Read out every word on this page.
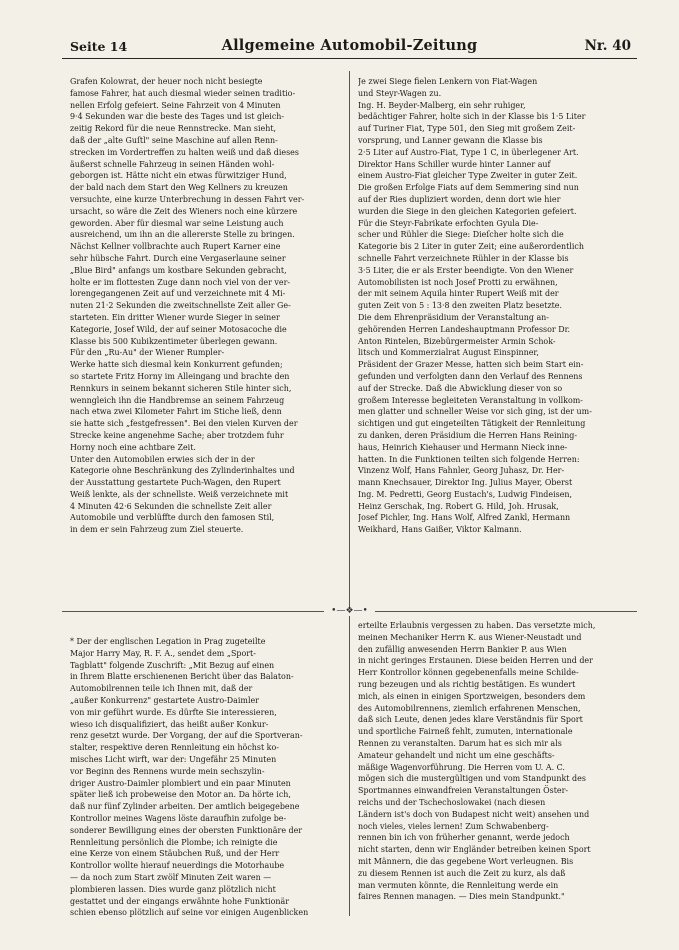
Seite 14	Allgemeine Automobil-Zeitung	Nr. 40
•—❖—•
Grafen Kolowrat, der heuer noch nicht besiegte
famose Fahrer, hat auch diesmal wieder seinen traditio-
nellen Erfolg gefeiert. Seine Fahrzeit von 4 Minuten
9·4 Sekunden war die beste des Tages und ist gleich-
zeitig Rekord für die neue Rennstrecke. Man sieht,
daß der „alte Guſtl" seine Maschine auf allen Renn-
strecken im Vordertreffen zu halten weiß und daß dieses
äußerst schnelle Fahrzeug in seinen Händen wohl-
geborgen ist. Hätte nicht ein etwas fürwitziger Hund,
der bald nach dem Start den Weg Kellners zu kreuzen
versuchte, eine kurze Unterbrechung in dessen Fahrt ver-
ursacht, so wäre die Zeit des Wieners noch eine kürzere
geworden. Aber für diesmal war seine Leistung auch
ausreichend, um ihn an die allererste Stelle zu bringen.
Nächst Kellner vollbrachte auch Rupert Karner eine
sehr hübsche Fahrt. Durch eine Vergaserlaune seiner
„Blue Bird" anfangs um kostbare Sekunden gebracht,
holte er im flottesten Zuge dann noch viel von der ver-
lorengegangenen Zeit auf und verzeichnete mit 4 Mi-
nuten 21·2 Sekunden die zweitschnellste Zeit aller Ge-
startеten. Ein dritter Wiener wurde Sieger in seiner
Kategorie, Josef Wild, der auf seiner Motosacoche die
Klasse bis 500 Kubikzentimeter überlegen gewann.
Für den „Ru-Au" der Wiener Rumpler-
Werke hatte sich diesmal kein Konkurrent gefunden;
so startete Fritz Horny im Alleingang und brachte den
Rennkurs in seinem bekannt sicheren Stile hinter sich,
wenngleich ihn die Handbremse an seinem Fahrzeug
nach etwa zwei Kilometer Fahrt im Stiche ließ, denn
sie hatte sich „festgefressen". Bei den vielen Kurven der
Strecke keine angenehme Sache; aber trotzdem fuhr
Horny noch eine achtbare Zeit.
Unter den Automobilen erwies sich der in der
Kategorie ohne Beschränkung des Zylinderinhaltes und
der Ausstattung gestartete Puch-Wagen, den Rupert
Weiß lenkte, als der schnellste. Weiß verzeichnete mit
4 Minuten 42·6 Sekunden die schnellste Zeit aller
Automobile und verblüffte durch den famosen Stil,
in dem er sein Fahrzeug zum Ziel steuerte.
Je zwei Siege fielen Lenkern von Fiat-Wagen
und Steyr-Wagen zu.
Ing. H. Beyder-Malberg, ein sehr ruhiger,
bedächtiger Fahrer, holte sich in der Klasse bis 1·5 Liter
auf Turiner Fiat, Type 501, den Sieg mit großem Zeit-
vorsprung, und Lanner gewann die Klasse bis
2·5 Liter auf Austro-Fiat, Type 1 C, in überlegener Art.
Direktor Hans Schiller wurde hinter Lanner auf
einem Austro-Fiat gleicher Type Zweiter in guter Zeit.
Die großen Erfolge Fiats auf dem Semmering sind nun
auf der Ries dupliziert worden, denn dort wie hier
wurden die Siege in den gleichen Kategorien gefeiert.
Für die Steyr-Fabrikate erfochten Gyula Die-
scher und Rühler die Siege: Dieſcher holte sich die
Kategorie bis 2 Liter in guter Zeit; eine außerordentlich
schnelle Fahrt verzeichnete Rühler in der Klasse bis
3·5 Liter, die er als Erster beendigte. Von den Wiener
Automobilisten ist noch Josef Protti zu erwähnen,
der mit seinem Aquila hinter Rupert Weiß mit der
guten Zeit von 5 : 13·8 den zweiten Platz besetzte.
Die dem Ehrenpräsidium der Veranstaltung an-
gehörenden Herren Landeshauptmann Professor Dr.
Anton Rintelen, Bizebürgermeister Armin Schok-
litsch und Kommerzialrat August Einspinner,
Präsident der Grazer Messe, hatten sich beim Start ein-
gefunden und verfolgten dann den Verlauf des Rennens
auf der Strecke. Daß die Abwicklung dieser von so
großem Interesse begleiteten Veranstaltung in vollkom-
men glatter und schneller Weise vor sich ging, ist der um-
sichtigen und gut eingeteilten Tätigkeit der Rennleitung
zu danken, deren Präsidium die Herren Hans Reining-
haus, Heinrich Kiehauser und Hermann Nieck inne-
hatten. In die Funktionen teilten sich folgende Herren:
Vinzenz Wolf, Hans Fahnler, Georg Juhasz, Dr. Her-
mann Knechsauer, Direktor Ing. Julius Mayer, Oberst
Ing. M. Pedretti, Georg Eustach's, Ludwig Findeisen,
Heinz Gerschak, Ing. Robert G. Hild, Joh. Hrusak,
Josef Pichler, Ing. Hans Wolf, Alfred Zankl, Hermann
Weikhard, Hans Gaißer, Viktor Kalmann.
* Der der englischen Legation in Prag zugeteilte
Major Harry May, R. F. A., sendet dem „Sport-
Tagblatt" folgende Zuschrift: „Mit Bezug auf einen
in Ihrem Blatte erschienenen Bericht über das Balaton-
Automobilrennen teile ich Ihnen mit, daß der
„außer Konkurrenz" gestartete Austro-Daimler
von mir geführt wurde. Es dürfte Sie interessieren,
wieso ich disqualifiziert, das heißt außer Konkur-
renz gesetzt wurde. Der Vorgang, der auf die Sportveran-
stalter, respektive deren Rennleitung ein höchst ko-
misches Licht wirft, war der: Ungefähr 25 Minuten
vor Beginn des Rennens wurde mein sechszylin-
driger Austro-Daimler plombiert und ein paar Minuten
später ließ ich probeweise den Motor an. Da hörte ich,
daß nur fünf Zylinder arbeiten. Der amtlich beigegebene
Kontrollor meines Wagens löste daraufhin zufolge be-
sonderer Bewilligung eines der obersten Funktionäre der
Rennleitung persönlich die Plombe; ich reinigte die
eine Kerze von einem Stäubchen Ruß, und der Herr
Kontrollor wollte hierauf neuerdings die Motorhaube
— da noch zum Start zwölf Minuten Zeit waren —
plombieren lassen. Dies wurde ganz plötzlich nicht
gestattet und der eingangs erwähnte hohe Funktionär
schien ebenso plötzlich auf seine vor einigen Augenblicken
erteilte Erlaubnis vergessen zu haben. Das versetzte mich,
meinen Mechaniker Herrn K. aus Wiener-Neustadt und
den zufällig anwesenden Herrn Bankier P. aus Wien
in nicht geringes Erstaunen. Diese beiden Herren und der
Herr Kontrollor können gegebenenfalls meine Schilde-
rung bezeugen und als richtig bestätigen. Es wundert
mich, als einen in einigen Sportzweigen, besonders dem
des Automobilrennens, ziemlich erfahrenen Menschen,
daß sich Leute, denen jedes klare Verständnis für Sport
und sportliche Fairneß fehlt, zumuten, internationale
Rennen zu veranstalten. Darum hat es sich mir als
Amateur gehandelt und nicht um eine geschäfts-
mäßige Wagenvorführung. Die Herren vom U. A. C.
mögen sich die mustergültigen und vom Standpunkt des
Sportmannes einwandfreien Veranstaltungen Öster-
reichs und der Tschechoslowakei (nach diesen
Ländern ist's doch von Budapest nicht weit) ansehen und
noch vieles, vieles lernen! Zum Schwabenberg-
rennen bin ich von früherher genannt, werde jedoch
nicht starten, denn wir Engländer betreiben keinen Sport
mit Männern, die das gegebene Wort verleugnen. Bis
zu diesem Rennen ist auch die Zeit zu kurz, als daß
man vermuten könnte, die Rennleitung werde ein
faires Rennen managen. — Dies mein Standpunkt."
